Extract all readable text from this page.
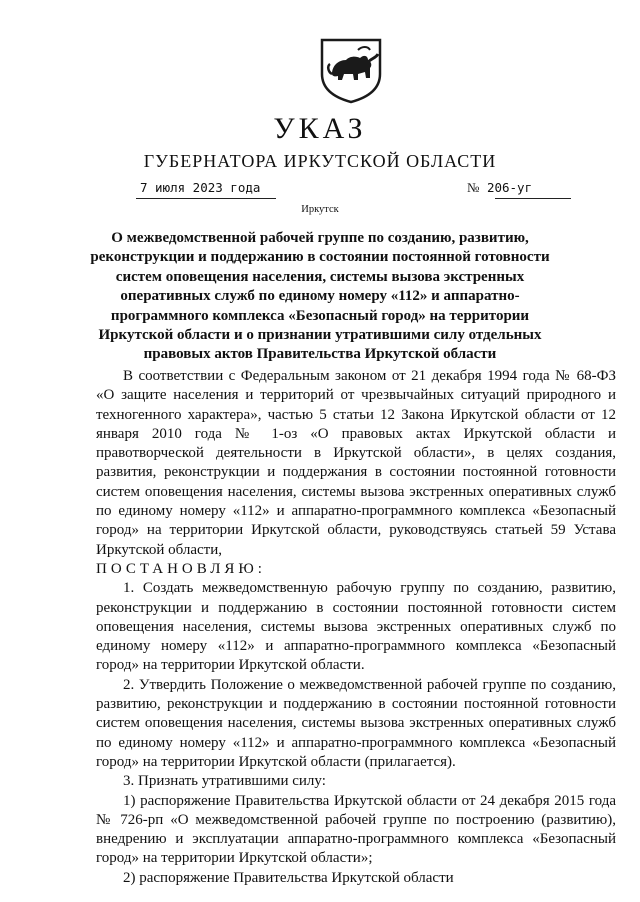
УКАЗ
ГУБЕРНАТОРА ИРКУТСКОЙ ОБЛАСТИ
7 июля 2023 года	№ 206-уг
Иркутск
О межведомственной рабочей группе по созданию, развитию, реконструкции и поддержанию в состоянии постоянной готовности систем оповещения населения, системы вызова экстренных оперативных служб по единому номеру «112» и аппаратно-программного комплекса «Безопасный город» на территории Иркутской области и о признании утратившими силу отдельных правовых актов Правительства Иркутской области

В соответствии с Федеральным законом от 21 декабря 1994 года № 68-ФЗ «О защите населения и территорий от чрезвычайных ситуаций природного и техногенного характера», частью 5 статьи 12 Закона Иркутской области от 12 января 2010 года № 1-оз «О правовых актах Иркутской области и правотворческой деятельности в Иркутской области», в целях создания, развития, реконструкции и поддержания в состоянии постоянной готовности систем оповещения населения, системы вызова экстренных оперативных служб по единому номеру «112» и аппаратно-программного комплекса «Безопасный город» на территории Иркутской области, руководствуясь статьей 59 Устава Иркутской области,

ПОСТАНОВЛЯЮ:

1. Создать межведомственную рабочую группу по созданию, развитию, реконструкции и поддержанию в состоянии постоянной готовности систем оповещения населения, системы вызова экстренных оперативных служб по единому номеру «112» и аппаратно-программного комплекса «Безопасный город» на территории Иркутской области.

2. Утвердить Положение о межведомственной рабочей группе по созданию, развитию, реконструкции и поддержанию в состоянии постоянной готовности систем оповещения населения, системы вызова экстренных оперативных служб по единому номеру «112» и аппаратно-программного комплекса «Безопасный город» на территории Иркутской области (прилагается).

3. Признать утратившими силу:

1) распоряжение Правительства Иркутской области от 24 декабря 2015 года № 726-рп «О межведомственной рабочей группе по построению (развитию), внедрению и эксплуатации аппаратно-программного комплекса «Безопасный город» на территории Иркутской области»;

2) распоряжение Правительства Иркутской области
